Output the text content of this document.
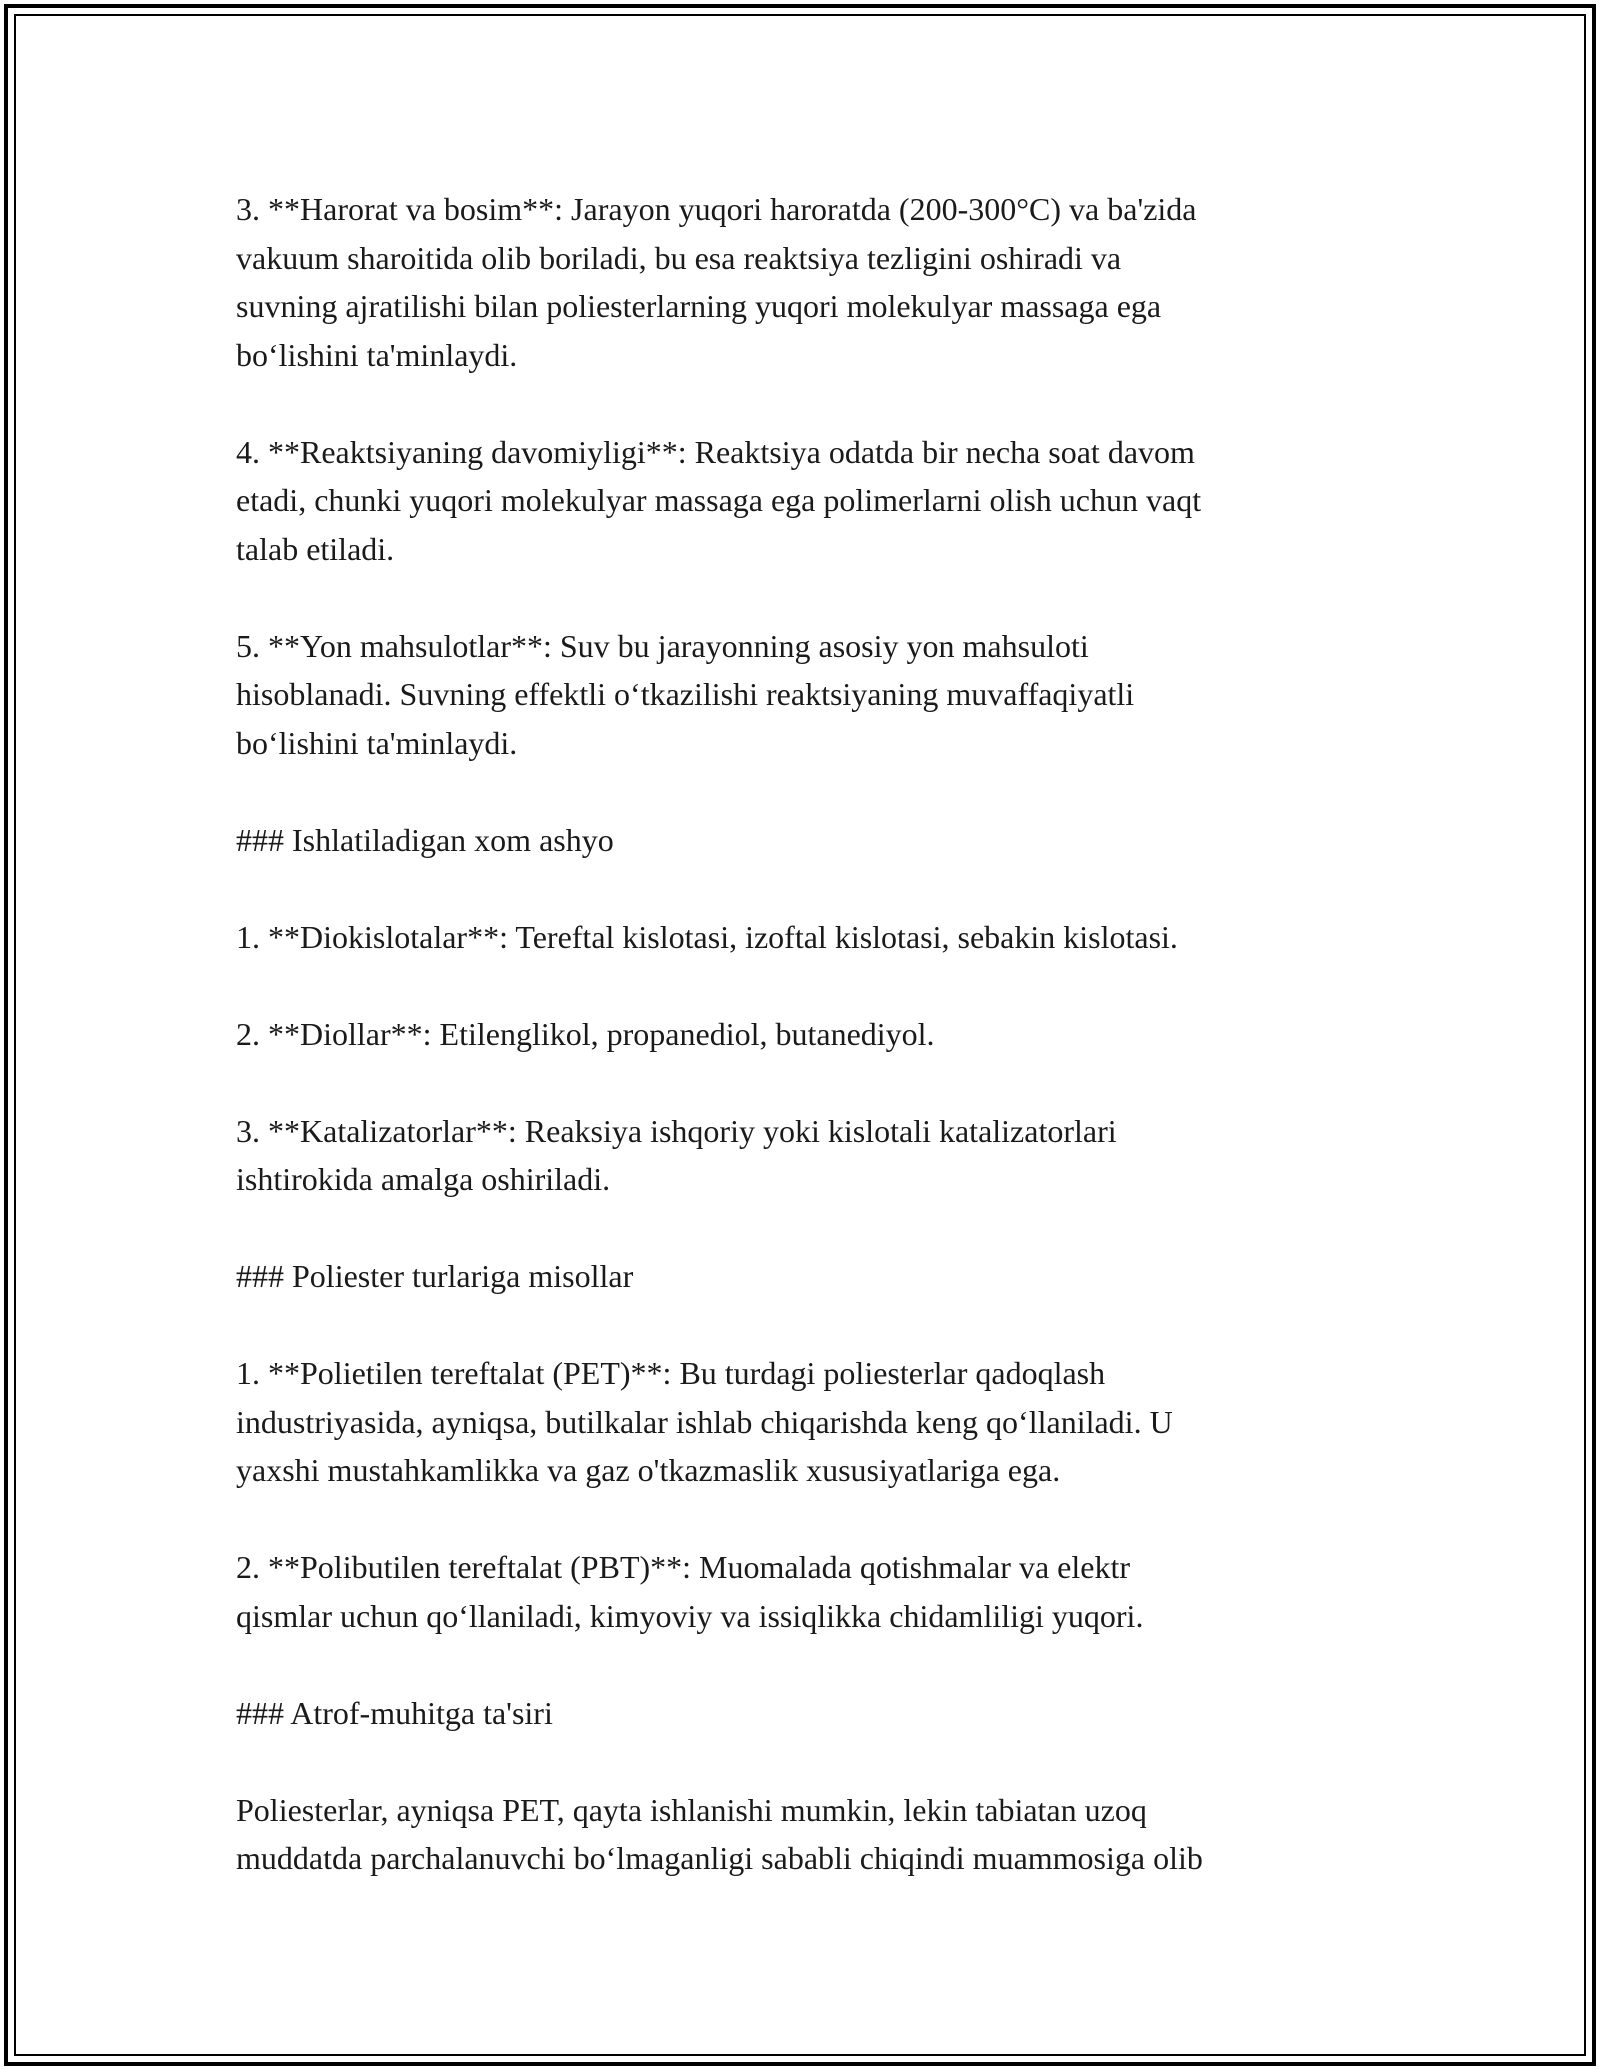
3. **Harorat va bosim**: Jarayon yuqori haroratda (200-300°C) va ba'zida
vakuum sharoitida olib boriladi, bu esa reaktsiya tezligini oshiradi va
suvning ajratilishi bilan poliesterlarning yuqori molekulyar massaga ega
bo‘lishini ta'minlaydi.

4. **Reaktsiyaning davomiyligi**: Reaktsiya odatda bir necha soat davom
etadi, chunki yuqori molekulyar massaga ega polimerlarni olish uchun vaqt
talab etiladi.

5. **Yon mahsulotlar**: Suv bu jarayonning asosiy yon mahsuloti
hisoblanadi. Suvning effektli o‘tkazilishi reaktsiyaning muvaffaqiyatli
bo‘lishini ta'minlaydi.

### Ishlatiladigan xom ashyo

1. **Diokislotalar**: Tereftal kislotasi, izoftal kislotasi, sebakin kislotasi.

2. **Diollar**: Etilenglikol, propanediol, butanediyol.

3. **Katalizatorlar**: Reaksiya ishqoriy yoki kislotali katalizatorlari
ishtirokida amalga oshiriladi.

### Poliester turlariga misollar

1. **Polietilen tereftalat (PET)**: Bu turdagi poliesterlar qadoqlash
industriyasida, ayniqsa, butilkalar ishlab chiqarishda keng qo‘llaniladi. U
yaxshi mustahkamlikka va gaz o'tkazmaslik xususiyatlariga ega.

2. **Polibutilen tereftalat (PBT)**: Muomalada qotishmalar va elektr
qismlar uchun qo‘llaniladi, kimyoviy va issiqlikka chidamliligi yuqori.

### Atrof-muhitga ta'siri

Poliesterlar, ayniqsa PET, qayta ishlanishi mumkin, lekin tabiatan uzoq
muddatda parchalanuvchi bo‘lmaganligi sababli chiqindi muammosiga olib
